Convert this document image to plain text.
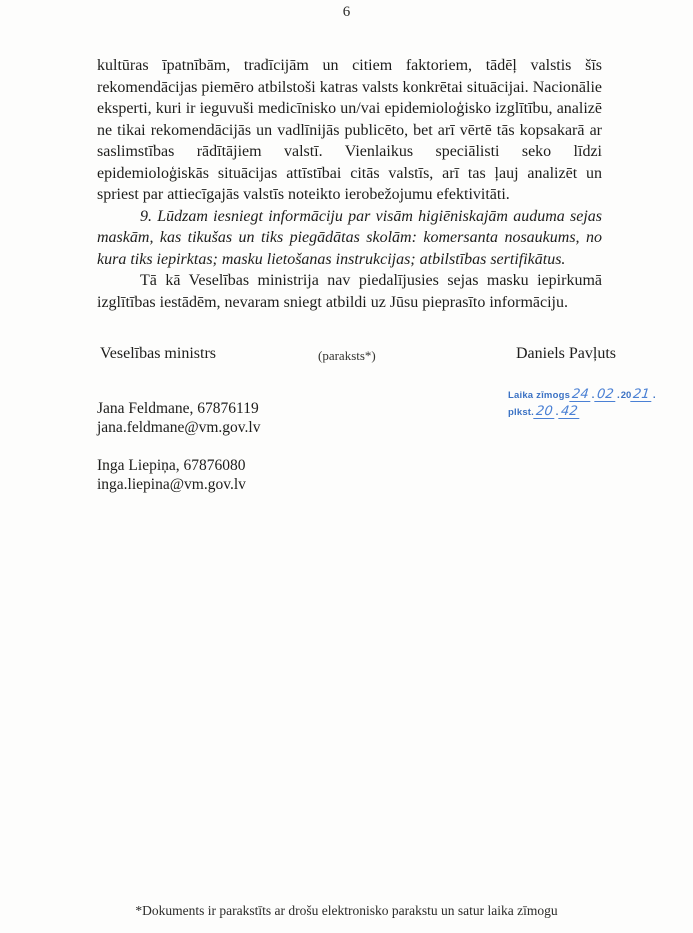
6

kultūras īpatnībām, tradīcijām un citiem faktoriem, tādēļ valstis šīs rekomendācijas piemēro atbilstoši katras valsts konkrētai situācijai. Nacionālie eksperti, kuri ir ieguvuši medicīnisko un/vai epidemioloģisko izglītību, analizē ne tikai rekomendācijās un vadlīnijās publicēto, bet arī vērtē tās kopsakarā ar saslimstības rādītājiem valstī. Vienlaikus speciālisti seko līdzi epidemioloģiskās situācijas attīstībai citās valstīs, arī tas ļauj analizēt un spriest par attiecīgajās valstīs noteikto ierobežojumu efektivitāti.

9. Lūdzam iesniegt informāciju par visām higiēniskajām auduma sejas maskām, kas tikušas un tiks piegādātas skolām: komersanta nosaukums, no kura tiks iepirktas; masku lietošanas instrukcijas; atbilstības sertifikātus.

Tā kā Veselības ministrija nav piedalījusies sejas masku iepirkumā izglītības iestādēm, nevaram sniegt atbildi uz Jūsu pieprasīto informāciju.

Veselības ministrs	(paraksts*)	Daniels Pavļuts
Laika zīmogs 24 . 02 . 20 21 .
plkst. 20 . 42
Jana Feldmane, 67876119
jana.feldmane@vm.gov.lv
Inga Liepiņa, 67876080
inga.liepina@vm.gov.lv
*Dokuments ir parakstīts ar drošu elektronisko parakstu un satur laika zīmogu
